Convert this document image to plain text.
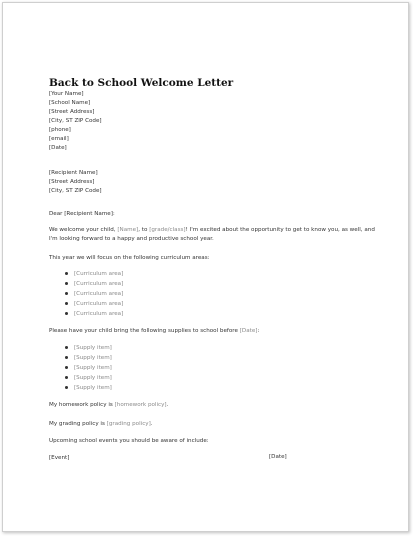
Back to School Welcome Letter
[Your Name]
[School Name]
[Street Address]
[City, ST ZIP Code]
[phone]
[email]
[Date]
[Recipient Name]
[Street Address]
[City, ST ZIP Code]
Dear [Recipient Name]:
We welcome your child, [Name], to [grade/class]! I'm excited about the opportunity to get to know you, as well, and I'm looking forward to a happy and productive school year.
This year we will focus on the following curriculum areas:
[Curriculum area]
[Curriculum area]
[Curriculum area]
[Curriculum area]
[Curriculum area]
Please have your child bring the following supplies to school before [Date]:
[Supply item]
[Supply item]
[Supply item]
[Supply item]
[Supply item]
My homework policy is [homework policy].
My grading policy is [grading policy].
Upcoming school events you should be aware of include:
[Event]	[Date]
